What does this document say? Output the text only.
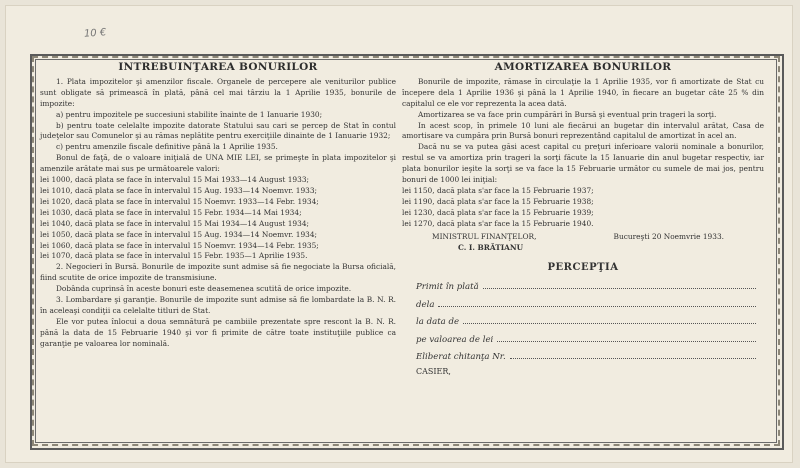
10 €
INTREBUINŢAREA BONURILOR

1. Plata impozitelor şi amenzilor fiscale. Organele de percepere ale veniturilor publice sunt obligate să primească în plată, până cel mai târziu la 1 Aprilie 1935, bonurile de impozite:

a) pentru impozitele pe succesiuni stabilite înainte de 1 Ianuarie 1930;

b) pentru toate celelalte impozite datorate Statului sau cari se percep de Stat în contul judeţelor sau Comunelor şi au rămas neplătite pentru exerciţiile dinainte de 1 Ianuarie 1932;

c) pentru amenzile fiscale definitive până la 1 Aprilie 1935.

Bonul de faţă, de o valoare iniţială de UNA MIE LEI, se primeşte în plata impozitelor şi amenzile arătate mai sus pe următoarele valori:

lei 1000, dacă plata se face în intervalul 15 Mai 1933—14 August 1933;
lei 1010, dacă plata se face în intervalul 15 Aug. 1933—14 Noemvr. 1933;
lei 1020, dacă plata se face în intervalul 15 Noemvr. 1933—14 Febr. 1934;
lei 1030, dacă plata se face în intervalul 15 Febr. 1934—14 Mai 1934;
lei 1040, dacă plata se face în intervalul 15 Mai 1934—14 August 1934;
lei 1050, dacă plata se face în intervalul 15 Aug. 1934—14 Noemvr. 1934;
lei 1060, dacă plata se face în intervalul 15 Noemvr. 1934—14 Febr. 1935;
lei 1070, dacă plata se face în intervalul 15 Febr. 1935—1 Aprilie 1935.

2. Negocieri în Bursă. Bonurile de impozite sunt admise să fie negociate la Bursa oficială, fiind scutite de orice impozite de transmisiune.

Dobânda cuprinsă în aceste bonuri este deasemenea scutită de orice impozite.

3. Lombardare şi garanţie. Bonurile de impozite sunt admise să fie lombardate la B. N. R. în aceleaşi condiţii ca celelalte titluri de Stat.

Ele vor putea înlocui a doua semnătură pe cambiile prezentate spre rescont la B. N. R. până la data de 15 Februarie 1940 şi vor fi primite de către toate instituţiile publice ca garanţie pe valoarea lor nominală.

AMORTIZAREA BONURILOR

Bonurile de impozite, rămase în circulaţie la 1 Aprilie 1935, vor fi amortizate de Stat cu începere dela 1 Aprilie 1936 şi până la 1 Aprilie 1940, în fiecare an bugetar câte 25 % din capitalul ce ele vor reprezenta la acea dată.

Amortizarea se va face prin cumpărări în Bursă şi eventual prin trageri la sorţi.

In acest scop, în primele 10 luni ale fiecărui an bugetar din intervalul arătat, Casa de amortisare va cumpăra prin Bursă bonuri reprezentând capitalul de amortizat în acel an.

Dacă nu se va putea găsi acest capital cu preţuri inferioare valorii nominale a bonurilor, restul se va amortiza prin trageri la sorţi făcute la 15 Ianuarie din anul bugetar respectiv, iar plata bonurilor ieşite la sorţi se va face la 15 Februarie următor cu sumele de mai jos, pentru bonuri de 1000 lei iniţial:

lei 1150, dacă plata s'ar face la 15 Februarie 1937;
lei 1190, dacă plata s'ar face la 15 Februarie 1938;
lei 1230, dacă plata s'ar face la 15 Februarie 1939;
lei 1270, dacă plata s'ar face la 15 Februarie 1940.
MINISTRUL FINANŢELOR,	Bucureşti 20 Noemvrie 1933.
C. I. BRĂTIANU
PERCEPŢIA
Primit în plată
dela
la data de
pe valoarea de lei
Eliberat chitanţa Nr.
CASIER,
